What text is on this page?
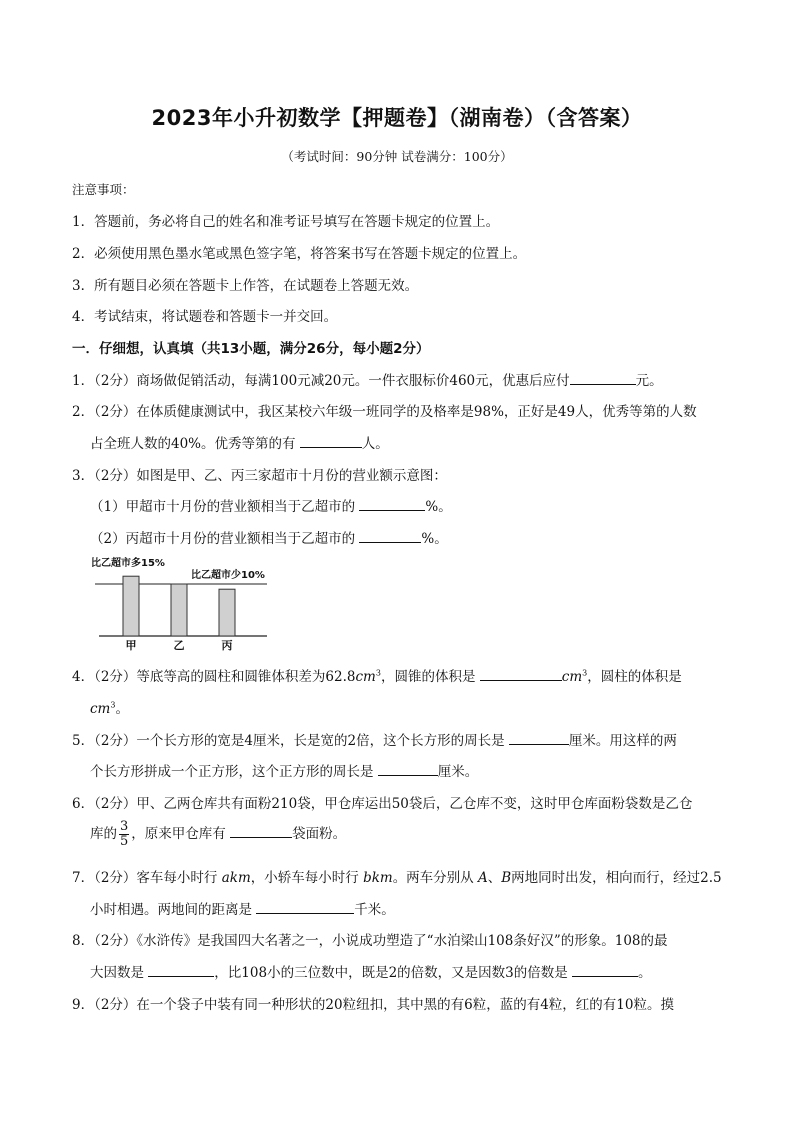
2023年小升初数学【押题卷】（湖南卷）（含答案）
（考试时间：90分钟 试卷满分：100分）
注意事项：
1．答题前，务必将自己的姓名和准考证号填写在答题卡规定的位置上。
2．必须使用黑色墨水笔或黑色签字笔，将答案书写在答题卡规定的位置上。
3．所有题目必须在答题卡上作答，在试题卷上答题无效。
4．考试结束，将试题卷和答题卡一并交回。
一．仔细想，认真填（共13小题，满分26分，每小题2分）
1．（2分）商场做促销活动，每满100元减20元。一件衣服标价460元，优惠后应付	元。
2．（2分）在体质健康测试中，我区某校六年级一班同学的及格率是98%，正好是49人，优秀等第的人数
占全班人数的40%。优秀等第的有	人。
3．（2分）如图是甲、乙、丙三家超市十月份的营业额示意图：
（1）甲超市十月份的营业额相当于乙超市的	%。
（2）丙超市十月份的营业额相当于乙超市的	%。
甲	乙	丙
比乙超市多15%
比乙超市少10%
4．（2分）等底等高的圆柱和圆锥体积差为$62.8cm^3$，圆锥的体积是	$cm^3$，圆柱的体积是
$cm^3$。
5．（2分）一个长方形的宽是4厘米，长是宽的2倍，这个长方形的周长是	厘米。用这样的两
个长方形拼成一个正方形，这个正方形的周长是	厘米。
6．（2分）甲、乙两仓库共有面粉210袋，甲仓库运出50袋后，乙仓库不变，这时甲仓库面粉袋数是乙仓
库的 $\frac{3}{5}$ ，原来甲仓库有	袋面粉。
7．（2分）客车每小时行 akm，小轿车每小时行 bkm。两车分别从 A、B两地同时出发，相向而行，经过2.5
小时相遇。两地间的距离是	千米。
8．（2分）《水浒传》是我国四大名著之一，小说成功塑造了“水泊梁山108条好汉”的形象。108的最
大因数是	，比108小的三位数中，既是2的倍数，又是因数3的倍数是	。
9．（2分）在一个袋子中装有同一种形状的20粒纽扣，其中黑的有6粒，蓝的有4粒，红的有10粒。摸
